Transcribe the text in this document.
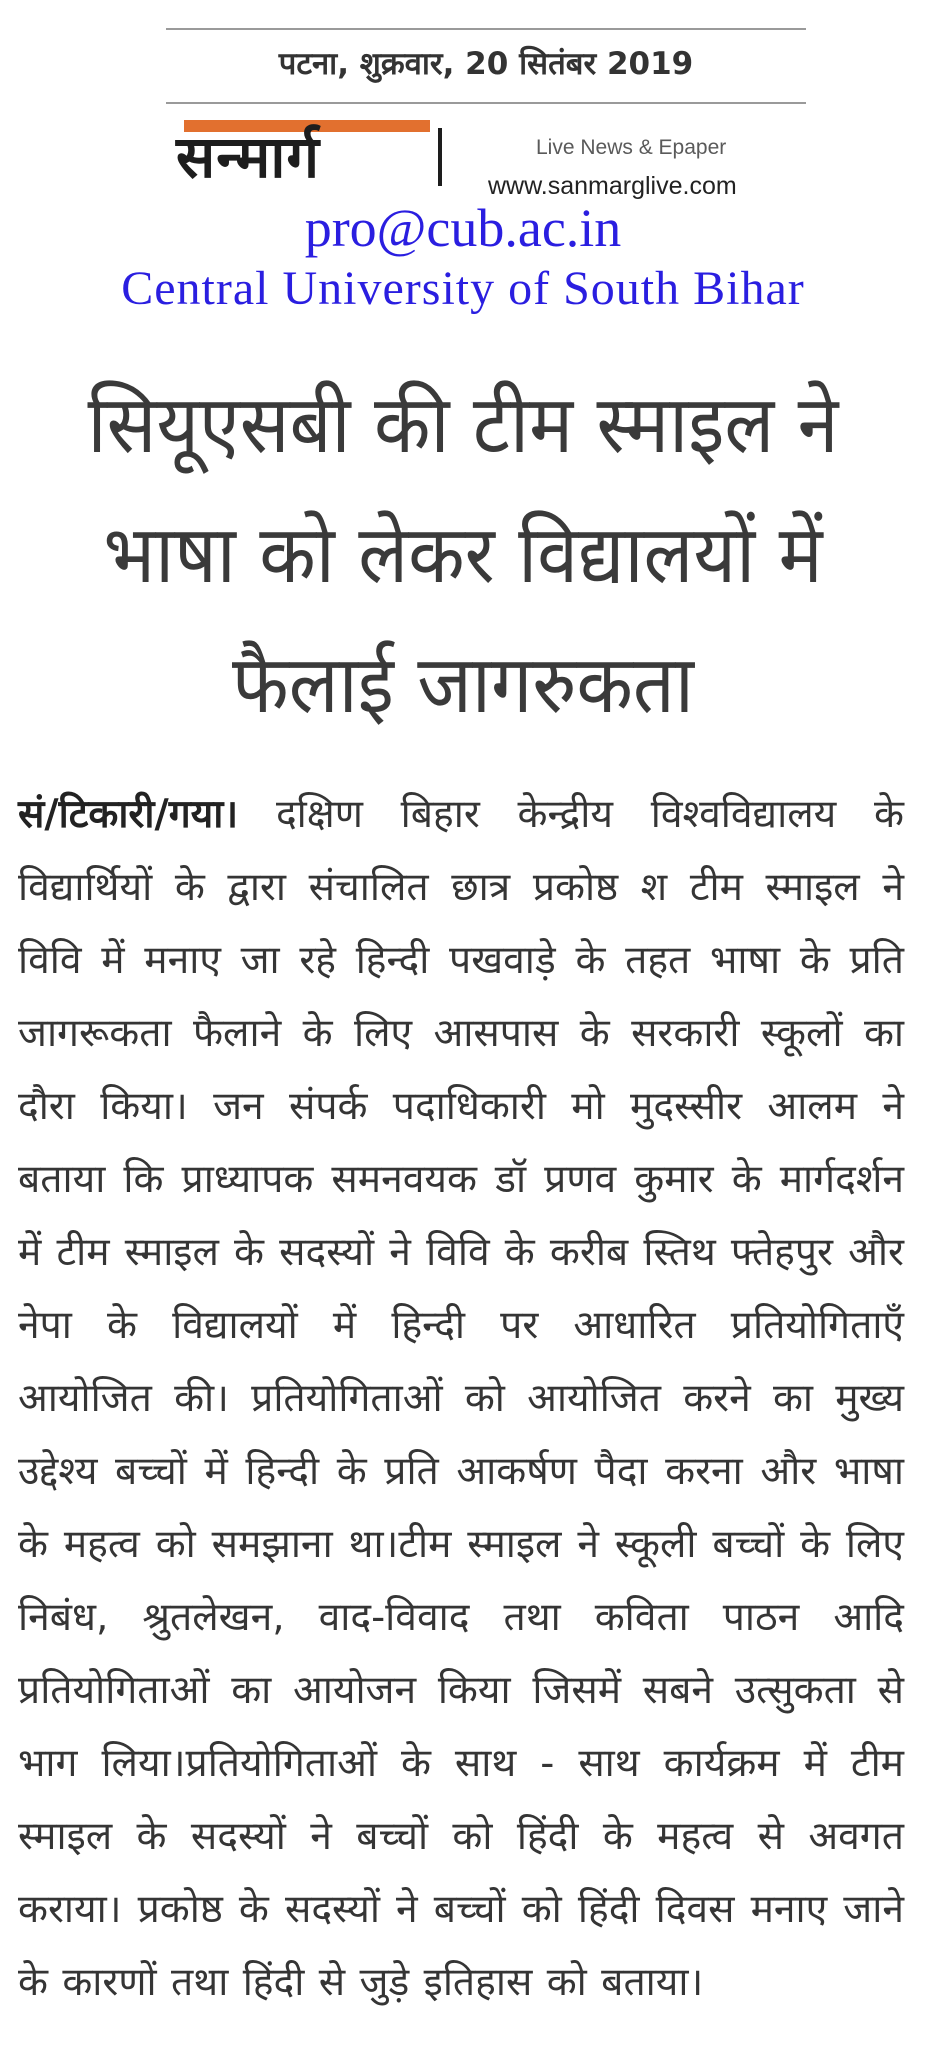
पटना, शुक्रवार, 20 सितंबर 2019
सन्मार्ग	Live News & Epaper
www.sanmarglive.com
pro@cub.ac.in
Central University of South Bihar
सियूएसबी की टीम स्माइल ने भाषा को लेकर विद्यालयों में फैलाई जागरुकता
सं/टिकारी/गया। दक्षिण बिहार केन्द्रीय विश्वविद्यालय के विद्यार्थियों के द्वारा संचालित छात्र प्रकोष्ठ श टीम स्माइल ने विवि में मनाए जा रहे हिन्दी पखवाड़े के तहत भाषा के प्रति जागरूकता फैलाने के लिए आसपास के सरकारी स्कूलों का दौरा किया। जन संपर्क पदाधिकारी मो मुदस्सीर आलम ने बताया कि प्राध्यापक समनवयक डॉ प्रणव कुमार के मार्गदर्शन में टीम स्माइल के सदस्यों ने विवि के करीब स्तिथ फ्तेहपुर और नेपा के विद्यालयों में हिन्दी पर आधारित प्रतियोगिताएँ आयोजित की। प्रतियोगिताओं को आयोजित करने का मुख्य उद्देश्य बच्चों में हिन्दी के प्रति आकर्षण पैदा करना और भाषा के महत्व को समझाना था।टीम स्माइल ने स्कूली बच्चों के लिए निबंध, श्रुतलेखन, वाद-विवाद तथा कविता पाठन आदि प्रतियोगिताओं का आयोजन किया जिसमें सबने उत्सुकता से भाग लिया।प्रतियोगिताओं के साथ - साथ कार्यक्रम में टीम स्माइल के सदस्यों ने बच्चों को हिंदी के महत्व से अवगत कराया। प्रकोष्ठ के सदस्यों ने बच्चों को हिंदी दिवस मनाए जाने के कारणों तथा हिंदी से जुड़े इतिहास को बताया।
